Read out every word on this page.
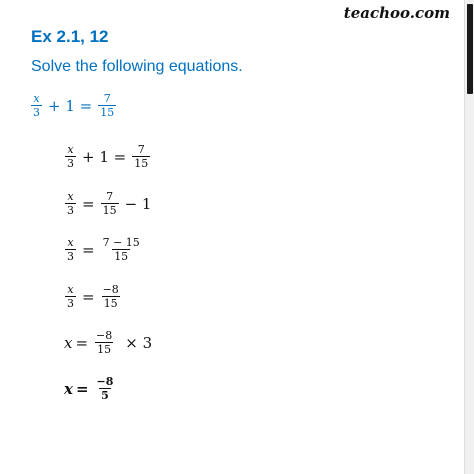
teachoo.com
Ex 2.1, 12
Solve the following equations.
$\frac{x}{3} + 1 = \frac{7}{15}$
$\frac{x}{3} + 1 = \frac{7}{15}$
$\frac{x}{3} = \frac{7}{15} - 1$
$\frac{x}{3} = \frac{7 - 15}{15}$
$\frac{x}{3} = \frac{-8}{15}$
$x = \frac{-8}{15} \times 3$
$x = \frac{-8}{5}$
